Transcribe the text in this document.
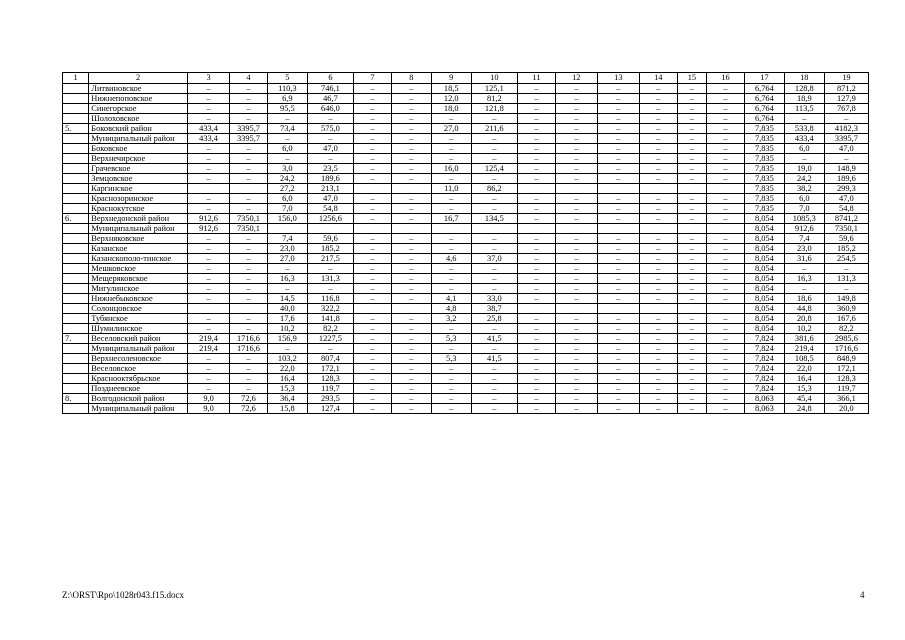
1	2	3	4	5	6	7	8	9	10	11	12	13	14	15	16	17	18	19
	Литвиновское	–	–	110,3	746,1	–	–	18,5	125,1	–	–	–	–	–	–	6,764	128,8	871,2
	Нижнепоповское	–	–	6,9	46,7	–	–	12,0	81,2	–	–	–	–	–	–	6,764	18,9	127,9
	Синегорское	–	–	95,5	646,0	–	–	18,0	121,8	–	–	–	–	–	–	6,764	113,5	767,8
	Шолоховское	–	–	–	–	–	–	–	–	–	–	–	–	–	–	6,764	–	–
5.	Боковский район	433,4	3395,7	73,4	575,0	–	–	27,0	211,6	–	–	–	–	–	–	7,835	533,8	4182,3
	Муниципальный район	433,4	3395,7	–	–	–	–	–	–	–	–	–	–	–	–	7,835	433,4	3395,7
	Боковское	–	–	6,0	47,0	–	–	–	–	–	–	–	–	–	–	7,835	6,0	47,0
	Верхнечирское	–	–	–	–	–	–	–	–	–	–	–	–	–	–	7,835	–	–
	Грачевское	–	–	3,0	23,5	–	–	16,0	125,4	–	–	–	–	–	–	7,835	19,0	148,9
	Земцовское	–	–	24,2	189,6	–	–	–	–	–	–	–	–	–	–	7,835	24,2	189,6
	Каргинское			27,2	213,1			11,0	86,2							7,835	38,2	299,3
	Краснозоринское	–	–	6,0	47,0	–	–	–	–	–	–	–	–	–	–	7,835	6,0	47,0
	Краснокутское	–	–	7,0	54,8	–	–	–	–	–	–	–	–	–	–	7,835	7,0	54,8
6.	Верхнедонской район	912,6	7350,1	156,0	1256,6	–	–	16,7	134,5	–	–	–	–	–	–	8,054	1085,3	8741,2
	Муниципальный район	912,6	7350,1													8,054	912,6	7350,1
	Верхняковское	–	–	7,4	59,6	–	–	–	–	–	–	–	–	–	–	8,054	7,4	59,6
	Казанское	–	–	23,0	185,2	–	–	–	–	–	–	–	–	–	–	8,054	23,0	185,2
	Казанскополо-тинское	–	–	27,0	217,5	–	–	4,6	37,0	–	–	–	–	–	–	8,054	31,6	254,5
	Мешковское	–	–	–	–	–	–	–	–	–	–	–	–	–	–	8,054	–	–
	Мещеряковское	–	–	16,3	131,3	–	–	–	–	–	–	–	–	–	–	8,054	16,3	131,3
	Мигулинское	–	–	–	–	–	–	–	–	–	–	–	–	–	–	8,054	–	–
	Нижнебыковское	–	–	14,5	116,8	–	–	4,1	33,0	–	–	–	–	–	–	8,054	18,6	149,8
	Солонцовское			40,0	322,2			4,8	38,7							8,054	44,8	360,9
	Тубянское	–	–	17,6	141,8	–	–	3,2	25,8	–	–	–	–	–	–	8,054	20,8	167,6
	Шумилинское	–	–	10,2	82,2	–	–	–	–	–	–	–	–	–	–	8,054	10,2	82,2
7.	Веселовский район	219,4	1716,6	156,9	1227,5	–	–	5,3	41,5	–	–	–	–	–	–	7,824	381,6	2985,6
	Муниципальный район	219,4	1716,6	–	–	–	–	–	–	–	–	–	–	–	–	7,824	219,4	1716,6
	Верхнесоленовское	–	–	103,2	807,4	–	–	5,3	41,5	–	–	–	–	–	–	7,824	108,5	848,9
	Веселовское	–	–	22,0	172,1	–	–	–	–	–	–	–	–	–	–	7,824	22,0	172,1
	Краснооктябрьское	–	–	16,4	128,3	–	–	–	–	–	–	–	–	–	–	7,824	16,4	128,3
	Позднеевское	–	–	15,3	119,7	–	–	–	–	–	–	–	–	–	–	7,824	15,3	119,7
8.	Волгодонской район	9,0	72,6	36,4	293,5	–	–	–	–	–	–	–	–	–	–	8,063	45,4	366,1
	Муниципальный район	9,0	72,6	15,8	127,4	–	–	–	–	–	–	–	–	–	–	8,063	24,8	20,0
Z:\ORST\Rpo\1028r043.f15.docx	4
